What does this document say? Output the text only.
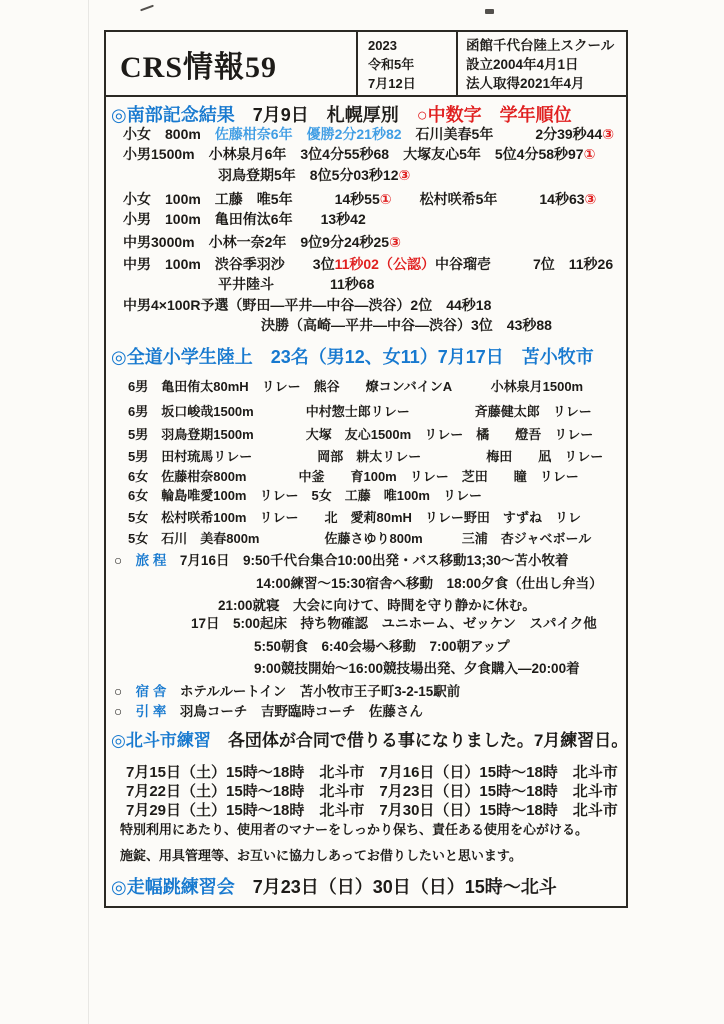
CRS情報59
2023
令和5年
7月12日
函館千代台陸上スクール
設立2004年4月1日
法人取得2021年4月
◎南部記念結果　7月9日　札幌厚別　○中数字　学年順位
小女　800m　佐藤柑奈6年　優勝2分21秒82　石川美春5年　　　2分39秒44③
小男1500m　小林泉月6年　3位4分55秒68　大塚友心5年　5位4分58秒97①
羽鳥登期5年　8位5分03秒12③
小女　100m　工藤　唯5年　　　14秒55①　　松村咲希5年　　　14秒63③
小男　100m　亀田侑汰6年　　13秒42
中男3000m　小林一奈2年　9位9分24秒25③
中男　100m　渋谷季羽沙　　3位11秒02（公認）中谷瑠壱　　　7位　11秒26
平井陸斗　　　　11秒68
中男4×100R予選（野田―平井―中谷―渋谷）2位　44秒18
決勝（高崎―平井―中谷―渋谷）3位　43秒88
◎全道小学生陸上　23名（男12、女11）7月17日　苫小牧市
6男　亀田侑太80mH　リレー　熊谷　　燎コンバインA　　　小林泉月1500m
6男　坂口峻哉1500m　　　　中村惣士郎リレー　　　　　斉藤健太郎　リレー
5男　羽鳥登期1500m　　　　大塚　友心1500m　リレー　橘　　燈吾　リレー
5男　田村琉馬リレー　　　　　岡部　耕太リレー　　　　　梅田　　凪　リレー
6女　佐藤柑奈800m　　　　中釜　　育100m　リレー　芝田　　瞳　リレー
6女　輪島唯愛100m　リレー　5女　工藤　唯100m　リレー
5女　松村咲希100m　リレー　　北　愛莉80mH　リレー野田　すずね　リレ
5女　石川　美春800m　　　　　佐藤さゆり800m　　　三浦　杏ジャベボール
○　旅 程　7月16日　9:50千代台集合10:00出発・バス移動13;30〜苫小牧着
14:00練習〜15:30宿舎へ移動　18:00夕食（仕出し弁当）
21:00就寝　大会に向けて、時間を守り静かに休む。
17日　5:00起床　持ち物確認　ユニホーム、ゼッケン　スパイク他
5:50朝食　6:40会場へ移動　7:00朝アップ
9:00競技開始〜16:00競技場出発、夕食購入―20:00着
○　宿 舎　ホテルルートイン　苫小牧市王子町3-2-15駅前
○　引 率　羽鳥コーチ　吉野臨時コーチ　佐藤さん
◎北斗市練習　各団体が合同で借りる事になりました。7月練習日。
7月15日（土）15時〜18時　北斗市　7月16日（日）15時〜18時　北斗市
7月22日（土）15時〜18時　北斗市　7月23日（日）15時〜18時　北斗市
7月29日（土）15時〜18時　北斗市　7月30日（日）15時〜18時　北斗市
特別利用にあたり、使用者のマナーをしっかり保ち、責任ある使用を心がける。
施錠、用具管理等、お互いに協力しあってお借りしたいと思います。
◎走幅跳練習会　7月23日（日）30日（日）15時〜北斗
